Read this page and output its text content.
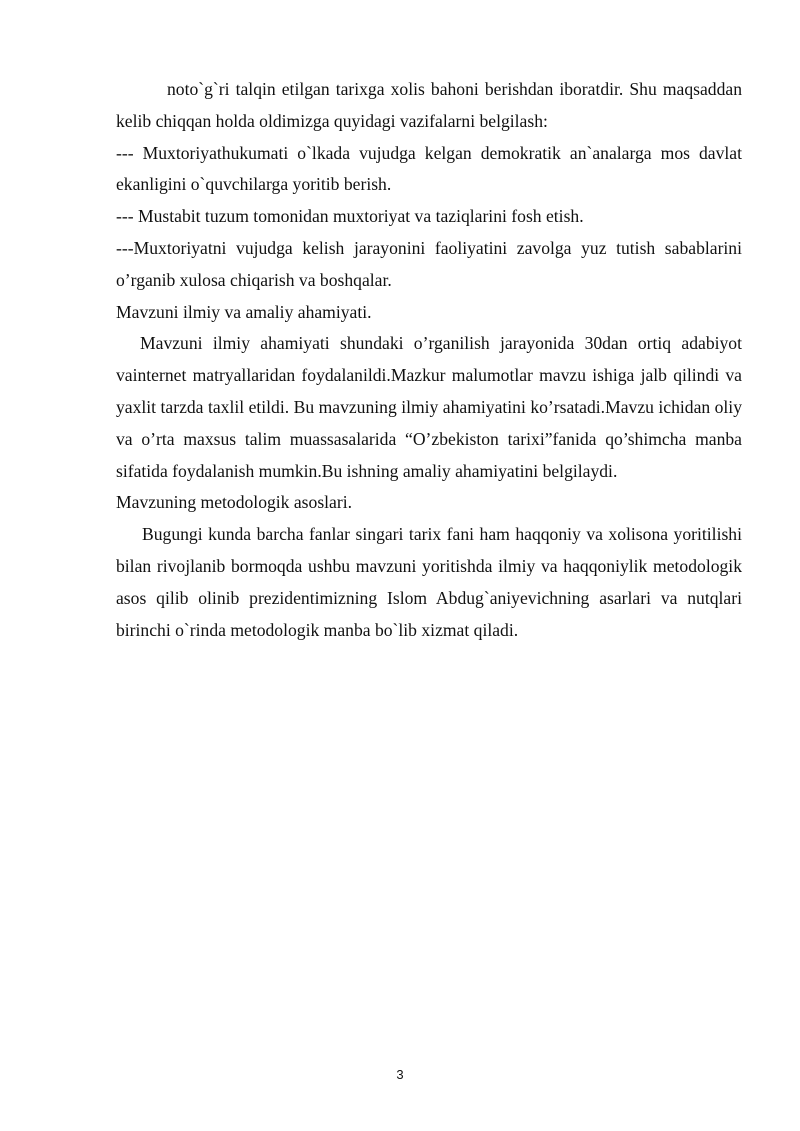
noto`g`ri talqin etilgan tarixga xolis bahoni berishdan iboratdir. Shu maqsaddan kelib chiqqan holda oldimizga quyidagi vazifalarni belgilash:

--- Muxtoriyathukumati o`lkada vujudga kelgan demokratik an`analarga mos davlat ekanligini o`quvchilarga yoritib berish.

--- Mustabit tuzum tomonidan muxtoriyat va taziqlarini fosh etish.

---Muxtoriyatni vujudga kelish jarayonini faoliyatini zavolga yuz tutish sabablarini o’rganib xulosa chiqarish va boshqalar.

Mavzuni ilmiy va amaliy ahamiyati.

Mavzuni ilmiy ahamiyati shundaki o’rganilish jarayonida 30dan ortiq adabiyot vainternet matryallaridan foydalanildi.Mazkur malumotlar mavzu ishiga jalb qilindi va yaxlit tarzda taxlil etildi. Bu mavzuning ilmiy ahamiyatini ko’rsatadi.Mavzu ichidan oliy va o’rta maxsus talim muassasalarida “O’zbekiston tarixi”fanida qo’shimcha manba sifatida foydalanish mumkin.Bu ishning amaliy ahamiyatini belgilaydi.

Mavzuning metodologik asoslari.

Bugungi kunda barcha fanlar singari tarix fani ham haqqoniy va xolisona yoritilishi bilan rivojlanib bormoqda ushbu mavzuni yoritishda ilmiy va haqqoniylik metodologik asos qilib olinib prezidentimizning Islom Abdug`aniyevichning asarlari va nutqlari birinchi o`rinda metodologik manba bo`lib xizmat qiladi.

3
